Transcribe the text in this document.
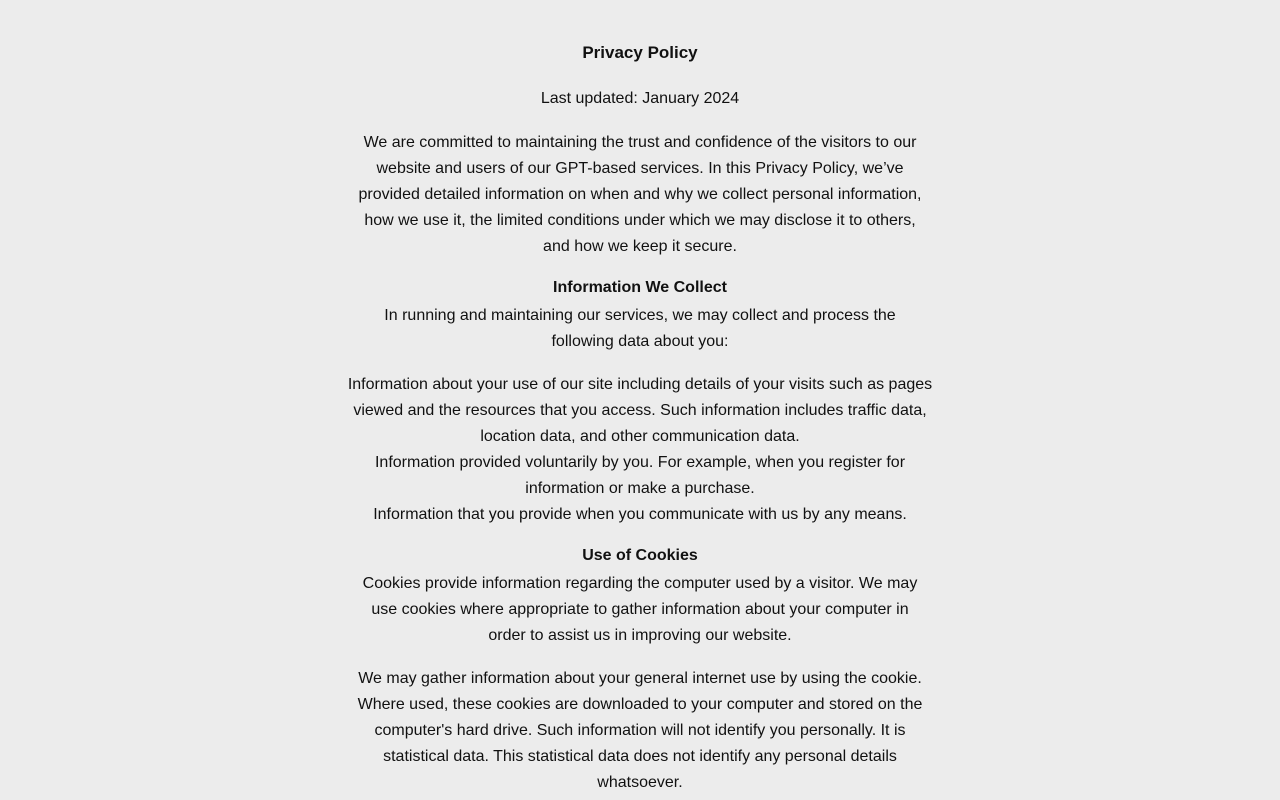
Privacy Policy
Last updated: January 2024

We are committed to maintaining the trust and confidence of the visitors to our website and users of our GPT-based services. In this Privacy Policy, we’ve provided detailed information on when and why we collect personal information, how we use it, the limited conditions under which we may disclose it to others, and how we keep it secure.

Information We Collect

In running and maintaining our services, we may collect and process the following data about you:

Information about your use of our site including details of your visits such as pages viewed and the resources that you access. Such information includes traffic data, location data, and other communication data.
Information provided voluntarily by you. For example, when you register for information or make a purchase.
Information that you provide when you communicate with us by any means.
Use of Cookies

Cookies provide information regarding the computer used by a visitor. We may use cookies where appropriate to gather information about your computer in order to assist us in improving our website.

We may gather information about your general internet use by using the cookie. Where used, these cookies are downloaded to your computer and stored on the computer's hard drive. Such information will not identify you personally. It is statistical data. This statistical data does not identify any personal details whatsoever.
